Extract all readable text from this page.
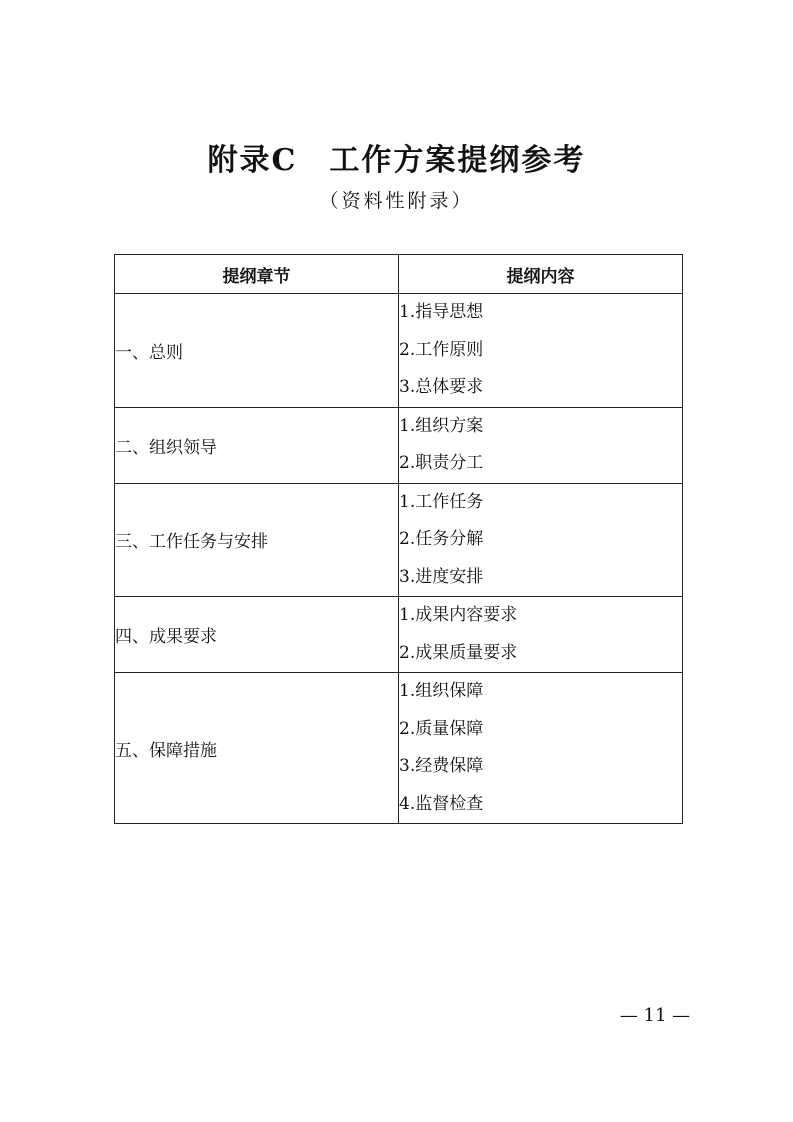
附录C　工作方案提纲参考
（资料性附录）
提纲章节	提纲内容
一、总则	1.指导思想
2.工作原则
3.总体要求

二、组织领导	1.组织方案
2.职责分工

三、工作任务与安排	1.工作任务
2.任务分解
3.进度安排

四、成果要求	1.成果内容要求
2.成果质量要求

五、保障措施	1.组织保障
2.质量保障
3.经费保障
4.监督检查
— 11 —
